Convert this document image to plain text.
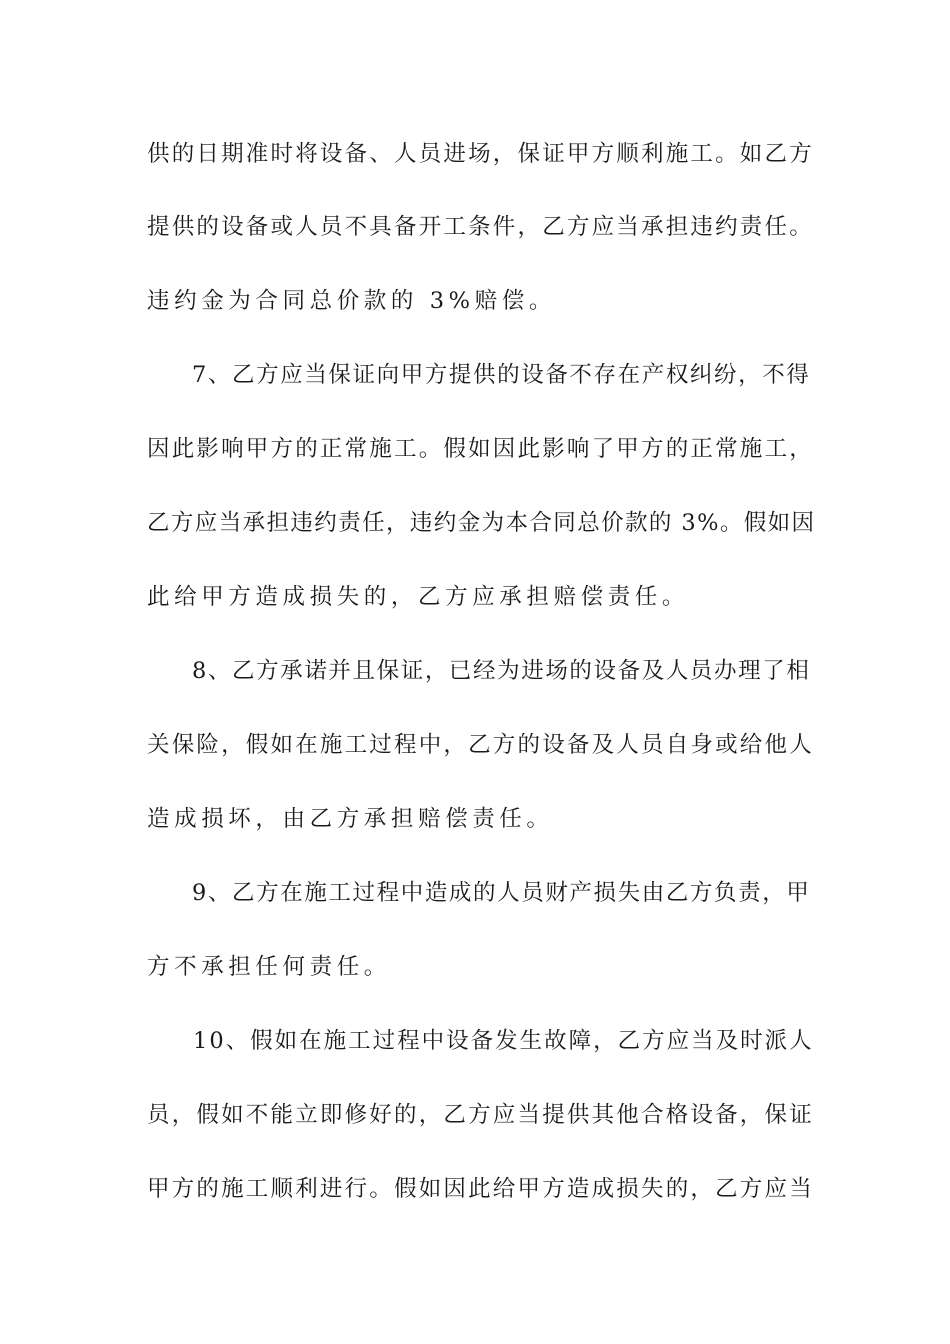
供的日期准时将设备、人员进场，保证甲方顺利施工。如乙方
提供的设备或人员不具备开工条件，乙方应当承担违约责任。
违约金为合同总价款的 3%赔偿。
7、乙方应当保证向甲方提供的设备不存在产权纠纷，不得
因此影响甲方的正常施工。假如因此影响了甲方的正常施工，
乙方应当承担违约责任，违约金为本合同总价款的 3%。假如因
此给甲方造成损失的，乙方应承担赔偿责任。
8、乙方承诺并且保证，已经为进场的设备及人员办理了相
关保险，假如在施工过程中，乙方的设备及人员自身或给他人
造成损坏，由乙方承担赔偿责任。
9、乙方在施工过程中造成的人员财产损失由乙方负责，甲
方不承担任何责任。
10、假如在施工过程中设备发生故障，乙方应当及时派人
员，假如不能立即修好的，乙方应当提供其他合格设备，保证
甲方的施工顺利进行。假如因此给甲方造成损失的，乙方应当
